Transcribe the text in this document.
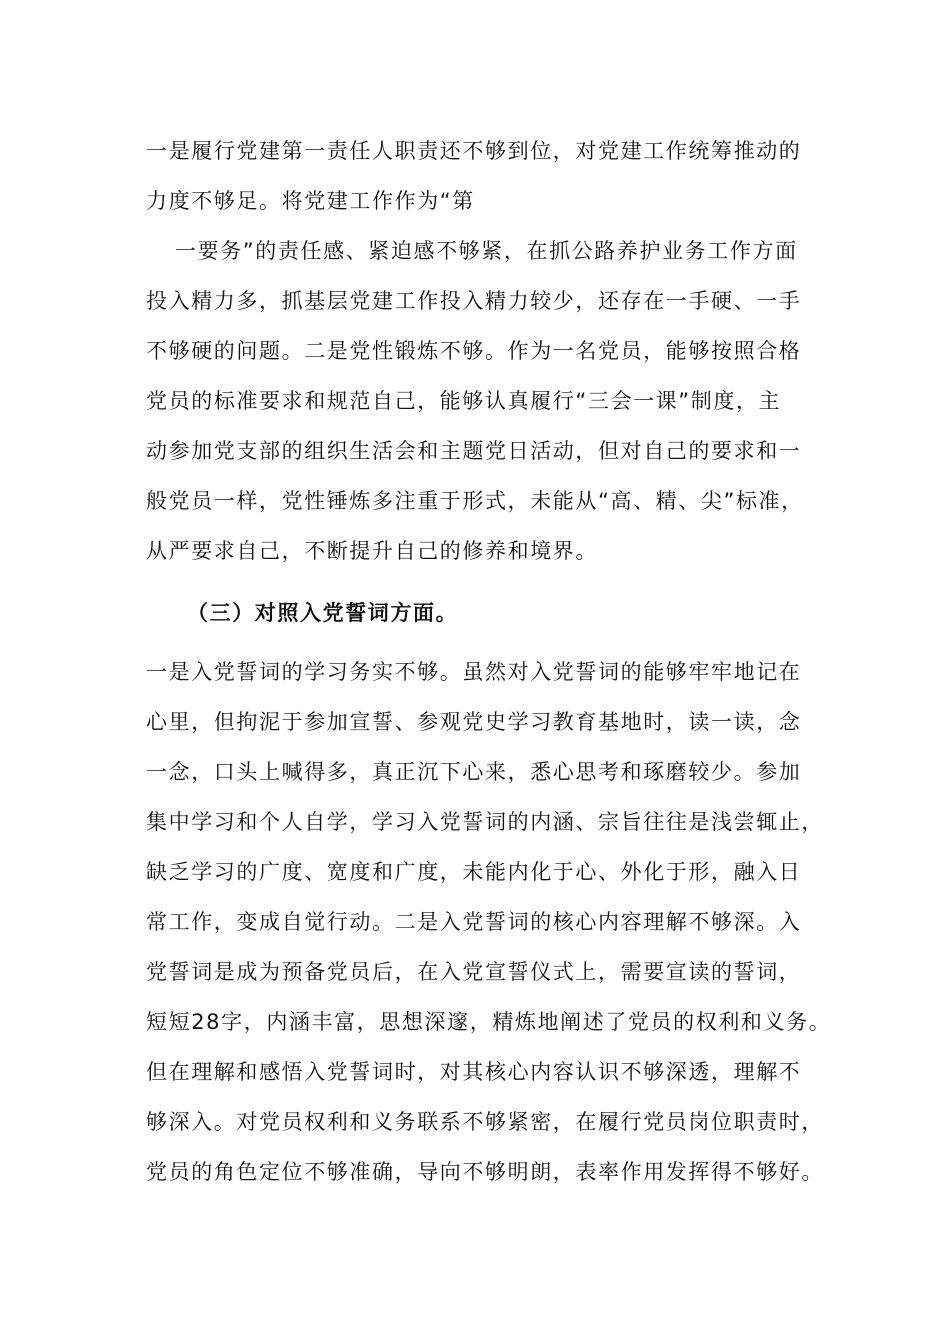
一是履行党建第一责任人职责还不够到位，对党建工作统筹推动的
力度不够足。将党建工作作为“第
一要务”的责任感、紧迫感不够紧，在抓公路养护业务工作方面
投入精力多，抓基层党建工作投入精力较少，还存在一手硬、一手
不够硬的问题。二是党性锻炼不够。作为一名党员，能够按照合格
党员的标准要求和规范自己，能够认真履行“三会一课”制度，主
动参加党支部的组织生活会和主题党日活动，但对自己的要求和一
般党员一样，党性锤炼多注重于形式，未能从“高、精、尖”标准，
从严要求自己，不断提升自己的修养和境界。
（三）对照入党誓词方面。
一是入党誓词的学习务实不够。虽然对入党誓词的能够牢牢地记在
心里，但拘泥于参加宣誓、参观党史学习教育基地时，读一读，念
一念，口头上喊得多，真正沉下心来，悉心思考和琢磨较少。参加
集中学习和个人自学，学习入党誓词的内涵、宗旨往往是浅尝辄止，
缺乏学习的广度、宽度和广度，未能内化于心、外化于形，融入日
常工作，变成自觉行动。二是入党誓词的核心内容理解不够深。入
党誓词是成为预备党员后，在入党宣誓仪式上，需要宣读的誓词，
短短28字，内涵丰富，思想深邃，精炼地阐述了党员的权利和义务。
但在理解和感悟入党誓词时，对其核心内容认识不够深透，理解不
够深入。对党员权利和义务联系不够紧密，在履行党员岗位职责时，
党员的角色定位不够准确，导向不够明朗，表率作用发挥得不够好。
